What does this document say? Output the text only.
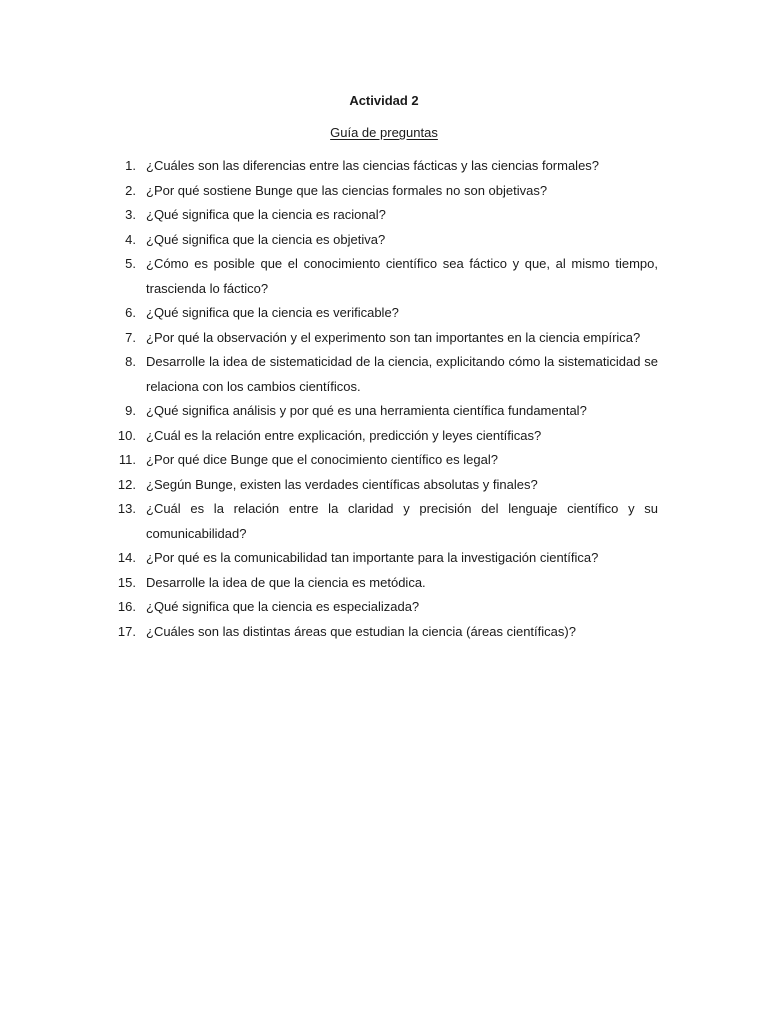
Actividad 2
Guía de preguntas
1. ¿Cuáles son las diferencias entre las ciencias fácticas y las ciencias formales?
2. ¿Por qué sostiene Bunge que las ciencias formales no son objetivas?
3. ¿Qué significa que la ciencia es racional?
4. ¿Qué significa que la ciencia es objetiva?
5. ¿Cómo es posible que el conocimiento científico sea fáctico y que, al mismo tiempo, trascienda lo fáctico?
6. ¿Qué significa que la ciencia es verificable?
7. ¿Por qué la observación y el experimento son tan importantes en la ciencia empírica?
8. Desarrolle la idea de sistematicidad de la ciencia, explicitando cómo la sistematicidad se relaciona con los cambios científicos.
9. ¿Qué significa análisis y por qué es una herramienta científica fundamental?
10. ¿Cuál es la relación entre explicación, predicción y leyes científicas?
11. ¿Por qué dice Bunge que el conocimiento científico es legal?
12. ¿Según Bunge, existen las verdades científicas absolutas y finales?
13. ¿Cuál es la relación entre la claridad y precisión del lenguaje científico y su comunicabilidad?
14. ¿Por qué es la comunicabilidad tan importante para la investigación científica?
15. Desarrolle la idea de que la ciencia es metódica.
16. ¿Qué significa que la ciencia es especializada?
17. ¿Cuáles son las distintas áreas que estudian la ciencia (áreas científicas)?
